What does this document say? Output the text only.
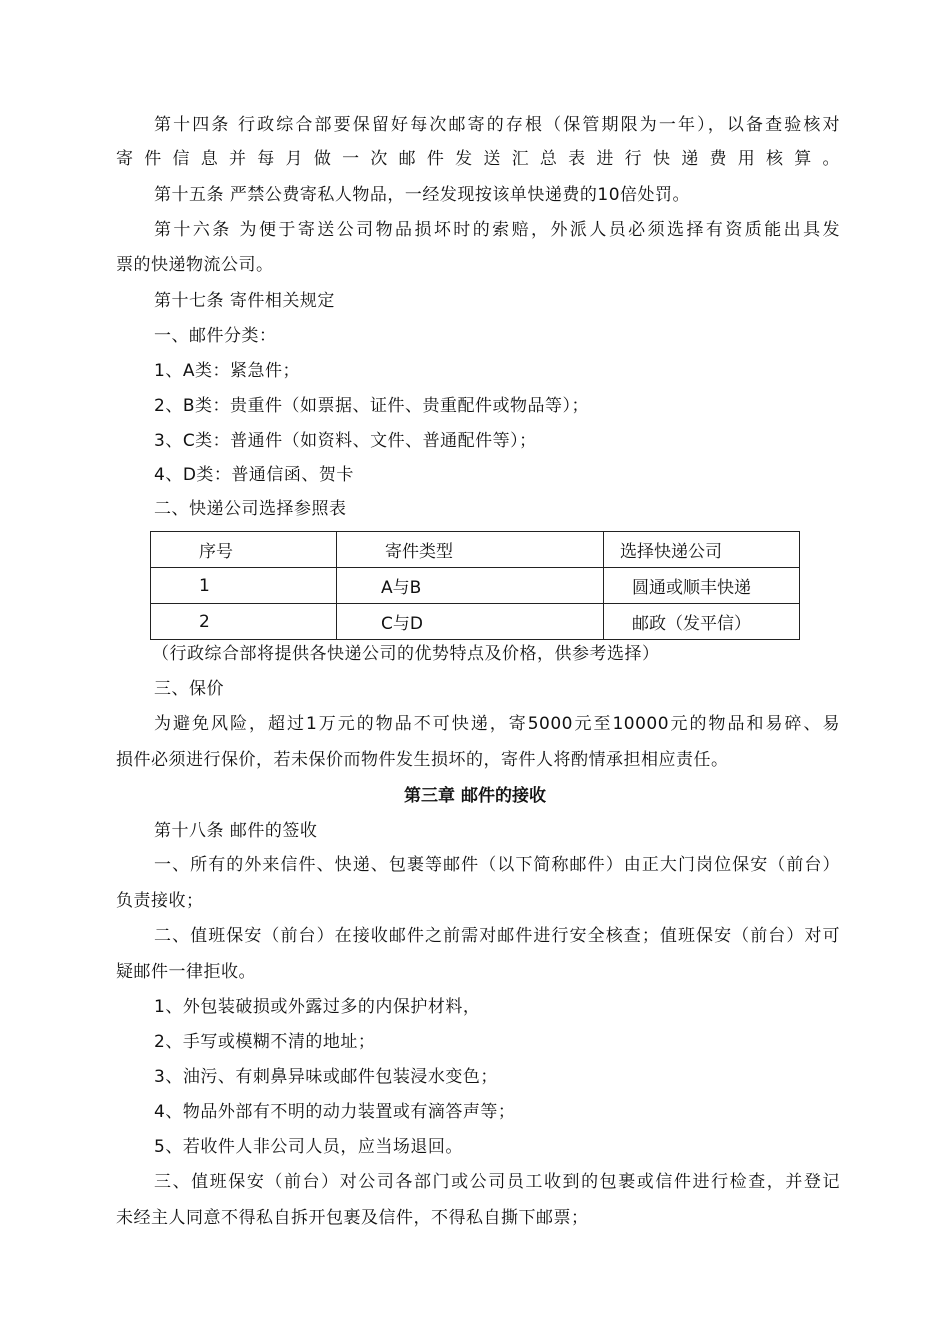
第十四条 行政综合部要保留好每次邮寄的存根（保管期限为一年），以备查验核对
寄件信息并每月做一次邮件发送汇总表进行快递费用核算。
第十五条 严禁公费寄私人物品，一经发现按该单快递费的10倍处罚。
第十六条 为便于寄送公司物品损坏时的索赔，外派人员必须选择有资质能出具发
票的快递物流公司。
第十七条 寄件相关规定
一、邮件分类：
1、A类：紧急件；
2、B类：贵重件（如票据、证件、贵重配件或物品等）；
3、C类：普通件（如资料、文件、普通配件等）；
4、D类：普通信函、贺卡
二、快递公司选择参照表
序号	寄件类型	选择快递公司
1	A与B	圆通或顺丰快递
2	C与D	邮政（发平信）
（行政综合部将提供各快递公司的优势特点及价格，供参考选择）
三、保价
为避免风险，超过1万元的物品不可快递，寄5000元至10000元的物品和易碎、易
损件必须进行保价，若未保价而物件发生损坏的，寄件人将酌情承担相应责任。
第三章 邮件的接收
第十八条 邮件的签收
一、所有的外来信件、快递、包裹等邮件（以下简称邮件）由正大门岗位保安（前台）
负责接收；
二、值班保安（前台）在接收邮件之前需对邮件进行安全核查；值班保安（前台）对可
疑邮件一律拒收。
1、外包装破损或外露过多的内保护材料，
2、手写或模糊不清的地址；
3、油污、有刺鼻异味或邮件包装浸水变色；
4、物品外部有不明的动力装置或有滴答声等；
5、若收件人非公司人员，应当场退回。
三、值班保安（前台）对公司各部门或公司员工收到的包裹或信件进行检查，并登记
未经主人同意不得私自拆开包裹及信件，不得私自撕下邮票；
